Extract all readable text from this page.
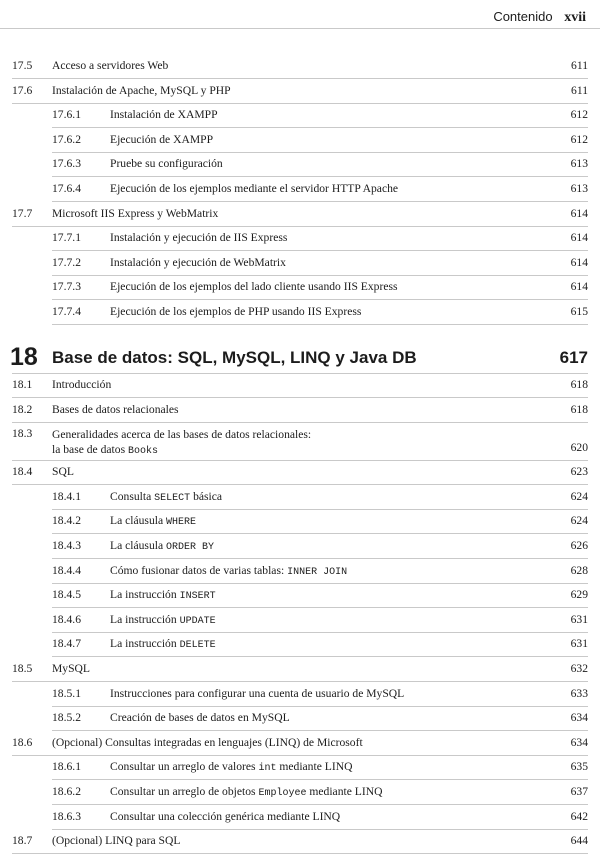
Contenido xvii
17.5 Acceso a servidores Web	611
17.6 Instalación de Apache, MySQL y PHP	611
17.6.1	Instalación de XAMPP	612
17.6.2	Ejecución de XAMPP	612
17.6.3	Pruebe su configuración	613
17.6.4	Ejecución de los ejemplos mediante el servidor HTTP Apache	613
17.7 Microsoft IIS Express y WebMatrix	614
17.7.1	Instalación y ejecución de IIS Express	614
17.7.2	Instalación y ejecución de WebMatrix	614
17.7.3	Ejecución de los ejemplos del lado cliente usando IIS Express	614
17.7.4	Ejecución de los ejemplos de PHP usando IIS Express	615
18 Base de datos: SQL, MySQL, LINQ y Java DB	617
18.1 Introducción	618
18.2 Bases de datos relacionales	618
18.3 Generalidades acerca de las bases de datos relacionales:
la base de datos Books	620
18.4 SQL	623
18.4.1	Consulta SELECT básica	624
18.4.2	La cláusula WHERE	624
18.4.3	La cláusula ORDER BY	626
18.4.4	Cómo fusionar datos de varias tablas: INNER JOIN	628
18.4.5	La instrucción INSERT	629
18.4.6	La instrucción UPDATE	631
18.4.7	La instrucción DELETE	631
18.5 MySQL	632
18.5.1	Instrucciones para configurar una cuenta de usuario de MySQL	633
18.5.2	Creación de bases de datos en MySQL	634
18.6 (Opcional) Consultas integradas en lenguajes (LINQ) de Microsoft	634
18.6.1	Consultar un arreglo de valores int mediante LINQ	635
18.6.2	Consultar un arreglo de objetos Employee mediante LINQ	637
18.6.3	Consultar una colección genérica mediante LINQ	642
18.7 (Opcional) LINQ para SQL	644
